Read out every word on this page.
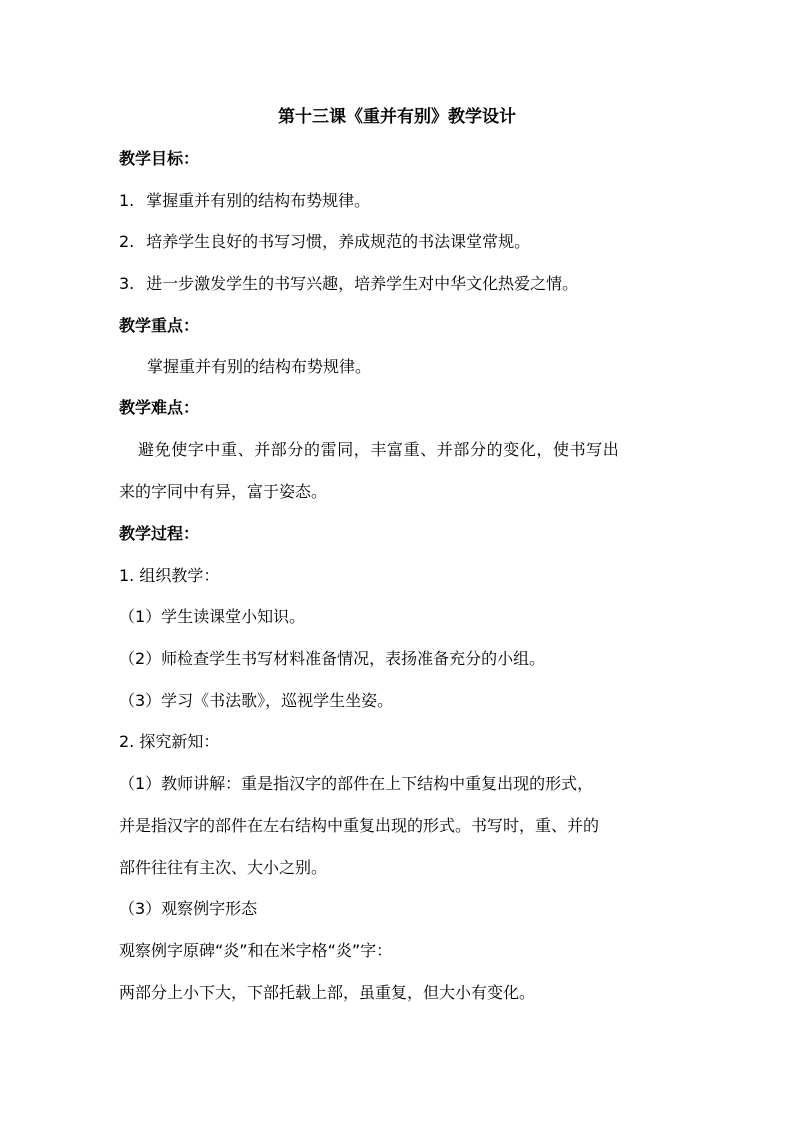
第十三课《重并有别》教学设计
教学目标：
1. 掌握重并有别的结构布势规律。
2. 培养学生良好的书写习惯，养成规范的书法课堂常规。
3. 进一步激发学生的书写兴趣，培养学生对中华文化热爱之情。
教学重点：
掌握重并有别的结构布势规律。
教学难点：
避免使字中重、并部分的雷同，丰富重、并部分的变化，使书写出
来的字同中有异，富于姿态。
教学过程：
1. 组织教学：
（1）学生读课堂小知识。
（2）师检查学生书写材料准备情况，表扬准备充分的小组。
（3）学习《书法歌》，巡视学生坐姿。
2. 探究新知：
（1）教师讲解：重是指汉字的部件在上下结构中重复出现的形式，
并是指汉字的部件在左右结构中重复出现的形式。书写时，重、并的
部件往往有主次、大小之别。
（3）观察例字形态
观察例字原碑“炎”和在米字格“炎”字：
两部分上小下大，下部托载上部，虽重复，但大小有变化。
